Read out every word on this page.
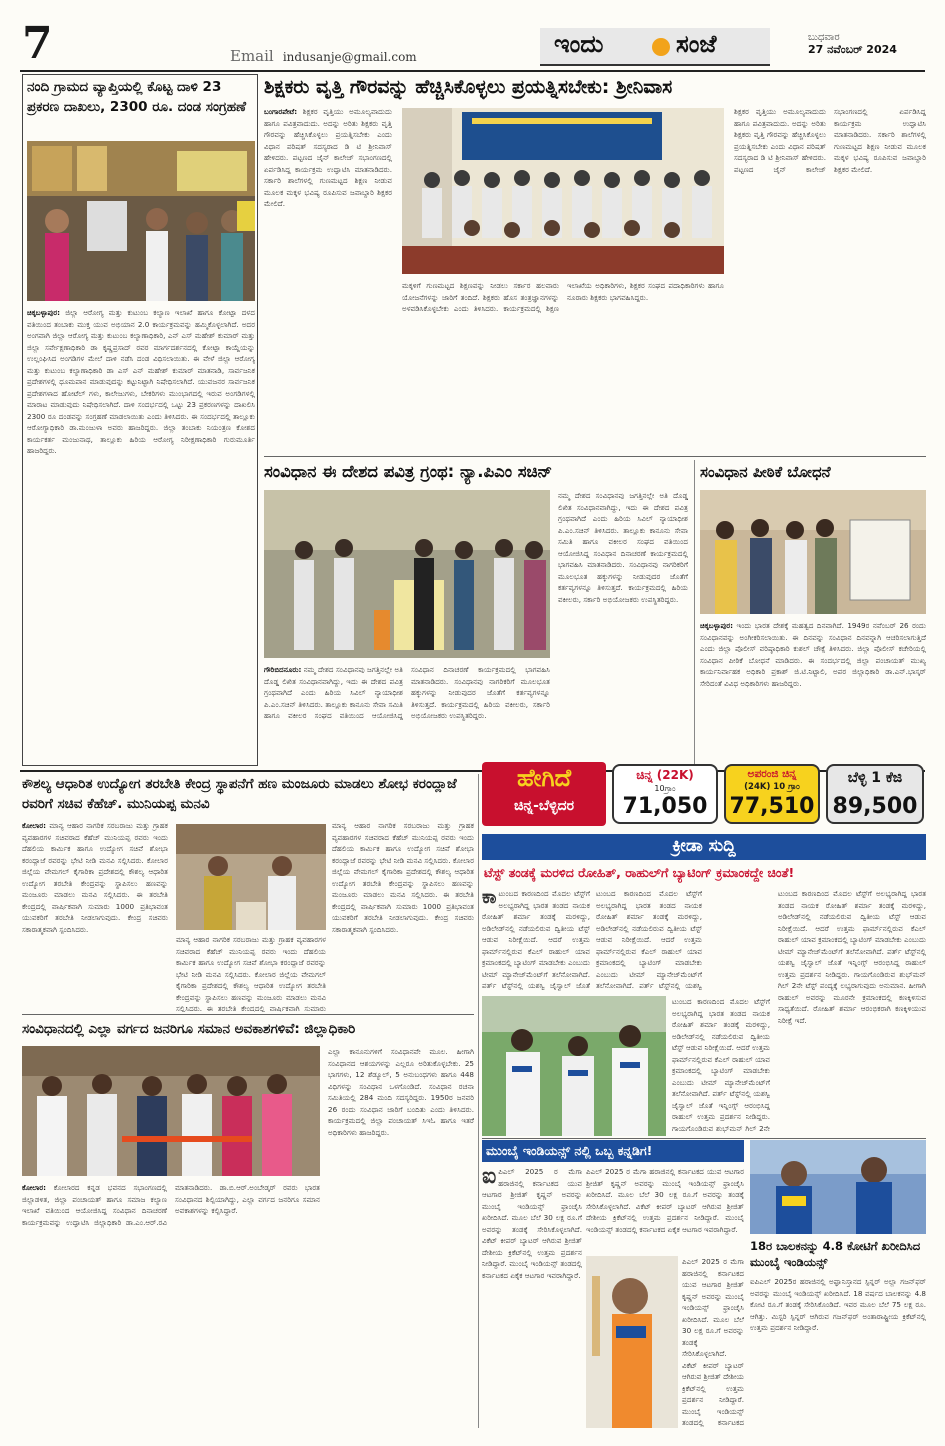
7	Email indusanje@gmail.com	ಇಂದು	ಸಂಜೆ	ಬುಧವಾರ
27 ನವೆಂಬರ್ 2024
ನಂದಿ ಗ್ರಾಮದ ವ್ಯಾಪ್ತಿಯಲ್ಲಿ ಕೊಟ್ಟ ದಾಳಿ 23 ಪ್ರಕರಣ ದಾಖಲು, 2300 ರೂ. ದಂಡ ಸಂಗ್ರಹಣೆ
ಚಿಕ್ಕಬಳ್ಳಾಪುರ: ಜಿಲ್ಲಾ ಆರೋಗ್ಯ ಮತ್ತು ಕುಟುಂಬ ಕಲ್ಯಾಣ ಇಲಾಖೆ ಹಾಗೂ ಕೋಟ್ಪಾ ದಳದ ವತಿಯಿಂದ ತಂಬಾಕು ಮುಕ್ತ ಯುವ ಅಭಿಯಾನ 2.0 ಕಾರ್ಯಕ್ರಮವನ್ನು ಹಮ್ಮಿಕೊಳ್ಳಲಾಗಿದೆ. ಅದರ ಅಂಗವಾಗಿ ಜಿಲ್ಲಾ ಆರೋಗ್ಯ ಮತ್ತು ಕುಟುಂಬ ಕಲ್ಯಾಣಾಧಿಕಾರಿ, ಎನ್ ಎಸ್ ಮಹೇಶ್ ಕುಮಾರ್ ಮತ್ತು ಜಿಲ್ಲಾ ಸರ್ವೇಕ್ಷಣಾಧಿಕಾರಿ ಡಾ ಕೃಷ್ಣಪ್ರಸಾದ್ ರವರ ಮಾರ್ಗದರ್ಶನದಲ್ಲಿ ಕೋಟ್ಪಾ ಕಾಯ್ದೆಯನ್ನು ಉಲ್ಲಂಘಿಸಿದ ಅಂಗಡಿಗಳ ಮೇಲೆ ದಾಳಿ ನಡೆಸಿ ದಂಡ ವಿಧಿಸಲಾಯಿತು. ಈ ವೇಳೆ ಜಿಲ್ಲಾ ಆರೋಗ್ಯ ಮತ್ತು ಕುಟುಂಬ ಕಲ್ಯಾಣಾಧಿಕಾರಿ ಡಾ ಎಸ್ ಎನ್ ಮಹೇಶ್ ಕುಮಾರ್ ಮಾತನಾಡಿ, ಸಾರ್ವಜನಿಕ ಪ್ರದೇಶಗಳಲ್ಲಿ ಧೂಮಪಾನ ಮಾಡುವುದನ್ನು ಕಟ್ಟುನಿಟ್ಟಾಗಿ ನಿಷೇಧಿಸಲಾಗಿದೆ. ಯುವಜನರ ಸಾರ್ವಜನಿಕ ಪ್ರದೇಶಗಳಾದ ಹೋಟೆಲ್ ಗಳು, ಕಾಲೇಜುಗಳು, ಬೇಕರಿಗಳು ಮುಂಭಾಗದಲ್ಲಿ ಇರುವ ಅಂಗಡಿಗಳಲ್ಲಿ ಮಾರಾಟ ಮಾಡುವುದು ನಿಷೇಧಿಸಲಾಗಿದೆ. ದಾಳಿ ಸಂದರ್ಭದಲ್ಲಿ ಒಟ್ಟು 23 ಪ್ರಕರಣಗಳನ್ನು ದಾಖಲಿಸಿ 2300 ರೂ ದಂಡವನ್ನು ಸಂಗ್ರಹಣೆ ಮಾಡಲಾಯಿತು ಎಂದು ತಿಳಿಸಿದರು. ಈ ಸಂದರ್ಭದಲ್ಲಿ ತಾಲ್ಲೂಕು ಆರೋಗ್ಯಾಧಿಕಾರಿ ಡಾ.ಮಂಜುಳಾ ಅವರು ಹಾಜರಿದ್ದರು. ಜಿಲ್ಲಾ ತಂಬಾಕು ನಿಯಂತ್ರಣ ಕೋಶದ ಕಾರ್ಯಕರ್ತ ಮಂಜುನಾಥ, ತಾಲ್ಲೂಕು ಹಿರಿಯ ಆರೋಗ್ಯ ನಿರೀಕ್ಷಣಾಧಿಕಾರಿ ಗುರುಮೂರ್ತಿ ಹಾಜರಿದ್ದರು.
ಶಿಕ್ಷಕರು ವೃತ್ತಿ ಗೌರವನ್ನು ಹೆಚ್ಚಿಸಿಕೊಳ್ಳಲು ಪ್ರಯತ್ನಿಸಬೇಕು: ಶ್ರೀನಿವಾಸ
ಬಂಗಾರಪೇಟೆ: ಶಿಕ್ಷಕರ ವೃತ್ತಿಯು ಅಮೂಲ್ಯವಾದುದು ಹಾಗೂ ಪವಿತ್ರವಾದುದು. ಅದನ್ನು ಅರಿತು ಶಿಕ್ಷಕರು ವೃತ್ತಿ ಗೌರವನ್ನು ಹೆಚ್ಚಿಸಿಕೊಳ್ಳಲು ಪ್ರಯತ್ನಿಸಬೇಕು ಎಂದು ವಿಧಾನ ಪರಿಷತ್ ಸದಸ್ಯರಾದ ಡಿ ಟಿ ಶ್ರೀನಿವಾಸ್ ಹೇಳಿದರು. ಪಟ್ಟಣದ ಜೈನ್ ಕಾಲೇಜ್ ಸಭಾಂಗಣದಲ್ಲಿ ಏರ್ಪಡಿಸಿದ್ದ ಕಾರ್ಯಕ್ರಮ ಉದ್ಘಾಟಿಸಿ ಮಾತನಾಡಿದರು. ಸರ್ಕಾರಿ ಶಾಲೆಗಳಲ್ಲಿ ಗುಣಮಟ್ಟದ ಶಿಕ್ಷಣ ನೀಡುವ ಮೂಲಕ ಮಕ್ಕಳ ಭವಿಷ್ಯ ರೂಪಿಸುವ ಜವಾಬ್ದಾರಿ ಶಿಕ್ಷಕರ ಮೇಲಿದೆ.
ಮಕ್ಕಳಿಗೆ ಗುಣಮಟ್ಟದ ಶಿಕ್ಷಣವನ್ನು ನೀಡಲು ಸರ್ಕಾರ ಹಲವಾರು ಯೋಜನೆಗಳನ್ನು ಜಾರಿಗೆ ತಂದಿದೆ. ಶಿಕ್ಷಕರು ಹೊಸ ತಂತ್ರಜ್ಞಾನಗಳನ್ನು ಅಳವಡಿಸಿಕೊಳ್ಳಬೇಕು ಎಂದು ತಿಳಿಸಿದರು. ಕಾರ್ಯಕ್ರಮದಲ್ಲಿ ಶಿಕ್ಷಣ ಇಲಾಖೆಯ ಅಧಿಕಾರಿಗಳು, ಶಿಕ್ಷಕರ ಸಂಘದ ಪದಾಧಿಕಾರಿಗಳು ಹಾಗೂ ನೂರಾರು ಶಿಕ್ಷಕರು ಭಾಗವಹಿಸಿದ್ದರು.
ಶಿಕ್ಷಕರ ವೃತ್ತಿಯು ಅಮೂಲ್ಯವಾದುದು ಹಾಗೂ ಪವಿತ್ರವಾದುದು. ಅದನ್ನು ಅರಿತು ಶಿಕ್ಷಕರು ವೃತ್ತಿ ಗೌರವನ್ನು ಹೆಚ್ಚಿಸಿಕೊಳ್ಳಲು ಪ್ರಯತ್ನಿಸಬೇಕು ಎಂದು ವಿಧಾನ ಪರಿಷತ್ ಸದಸ್ಯರಾದ ಡಿ ಟಿ ಶ್ರೀನಿವಾಸ್ ಹೇಳಿದರು. ಪಟ್ಟಣದ ಜೈನ್ ಕಾಲೇಜ್ ಸಭಾಂಗಣದಲ್ಲಿ ಏರ್ಪಡಿಸಿದ್ದ ಕಾರ್ಯಕ್ರಮ ಉದ್ಘಾಟಿಸಿ ಮಾತನಾಡಿದರು. ಸರ್ಕಾರಿ ಶಾಲೆಗಳಲ್ಲಿ ಗುಣಮಟ್ಟದ ಶಿಕ್ಷಣ ನೀಡುವ ಮೂಲಕ ಮಕ್ಕಳ ಭವಿಷ್ಯ ರೂಪಿಸುವ ಜವಾಬ್ದಾರಿ ಶಿಕ್ಷಕರ ಮೇಲಿದೆ.
ಸಂವಿಧಾನ ಈ ದೇಶದ ಪವಿತ್ರ ಗ್ರಂಥ: ನ್ಯಾ.ಪಿಎಂ ಸಚಿನ್
ಗೌರಿಬಿದನೂರು: ನಮ್ಮ ದೇಶದ ಸಂವಿಧಾನವು ಜಗತ್ತಿನಲ್ಲೇ ಅತಿ ದೊಡ್ಡ ಲಿಖಿತ ಸಂವಿಧಾನವಾಗಿದ್ದು, ಇದು ಈ ದೇಶದ ಪವಿತ್ರ ಗ್ರಂಥವಾಗಿದೆ ಎಂದು ಹಿರಿಯ ಸಿವಿಲ್ ನ್ಯಾಯಾಧೀಶ ಪಿ.ಎಂ.ಸಚಿನ್ ತಿಳಿಸಿದರು. ತಾಲ್ಲೂಕು ಕಾನೂನು ಸೇವಾ ಸಮಿತಿ ಹಾಗೂ ವಕೀಲರ ಸಂಘದ ವತಿಯಿಂದ ಆಯೋಜಿಸಿದ್ದ ಸಂವಿಧಾನ ದಿನಾಚರಣೆ ಕಾರ್ಯಕ್ರಮದಲ್ಲಿ ಭಾಗವಹಿಸಿ ಮಾತನಾಡಿದರು. ಸಂವಿಧಾನವು ನಾಗರಿಕರಿಗೆ ಮೂಲಭೂತ ಹಕ್ಕುಗಳನ್ನು ನೀಡುವುದರ ಜೊತೆಗೆ ಕರ್ತವ್ಯಗಳನ್ನೂ ತಿಳಿಸುತ್ತದೆ. ಕಾರ್ಯಕ್ರಮದಲ್ಲಿ ಹಿರಿಯ ವಕೀಲರು, ಸರ್ಕಾರಿ ಅಭಿಯೋಜಕರು ಉಪಸ್ಥಿತರಿದ್ದರು.
ನಮ್ಮ ದೇಶದ ಸಂವಿಧಾನವು ಜಗತ್ತಿನಲ್ಲೇ ಅತಿ ದೊಡ್ಡ ಲಿಖಿತ ಸಂವಿಧಾನವಾಗಿದ್ದು, ಇದು ಈ ದೇಶದ ಪವಿತ್ರ ಗ್ರಂಥವಾಗಿದೆ ಎಂದು ಹಿರಿಯ ಸಿವಿಲ್ ನ್ಯಾಯಾಧೀಶ ಪಿ.ಎಂ.ಸಚಿನ್ ತಿಳಿಸಿದರು. ತಾಲ್ಲೂಕು ಕಾನೂನು ಸೇವಾ ಸಮಿತಿ ಹಾಗೂ ವಕೀಲರ ಸಂಘದ ವತಿಯಿಂದ ಆಯೋಜಿಸಿದ್ದ ಸಂವಿಧಾನ ದಿನಾಚರಣೆ ಕಾರ್ಯಕ್ರಮದಲ್ಲಿ ಭಾಗವಹಿಸಿ ಮಾತನಾಡಿದರು. ಸಂವಿಧಾನವು ನಾಗರಿಕರಿಗೆ ಮೂಲಭೂತ ಹಕ್ಕುಗಳನ್ನು ನೀಡುವುದರ ಜೊತೆಗೆ ಕರ್ತವ್ಯಗಳನ್ನೂ ತಿಳಿಸುತ್ತದೆ. ಕಾರ್ಯಕ್ರಮದಲ್ಲಿ ಹಿರಿಯ ವಕೀಲರು, ಸರ್ಕಾರಿ ಅಭಿಯೋಜಕರು ಉಪಸ್ಥಿತರಿದ್ದರು.
ಸಂವಿಧಾನ ಪೀಠಿಕೆ ಬೋಧನೆ
ಚಿಕ್ಕಬಳ್ಳಾಪುರ: ಇಂದು ಭಾರತ ದೇಶಕ್ಕೆ ಮಹತ್ವದ ದಿನವಾಗಿದೆ. 1949ರ ನವೆಂಬರ್ 26 ರಂದು ಸಂವಿಧಾನವನ್ನು ಅಂಗೀಕರಿಸಲಾಯಿತು. ಈ ದಿನವನ್ನು ಸಂವಿಧಾನ ದಿನವನ್ನಾಗಿ ಆಚರಿಸಲಾಗುತ್ತಿದೆ ಎಂದು ಜಿಲ್ಲಾ ಪೊಲೀಸ್ ವರಿಷ್ಠಾಧಿಕಾರಿ ಕುಶಲ್ ಚೌಕ್ಸೆ ತಿಳಿಸಿದರು. ಜಿಲ್ಲಾ ಪೊಲೀಸ್ ಕಚೇರಿಯಲ್ಲಿ ಸಂವಿಧಾನ ಪೀಠಿಕೆ ಬೋಧನೆ ಮಾಡಿದರು. ಈ ಸಂದರ್ಭದಲ್ಲಿ ಜಿಲ್ಲಾ ಪಂಚಾಯತ್ ಮುಖ್ಯ ಕಾರ್ಯನಿರ್ವಾಹಕ ಅಧಿಕಾರಿ ಪ್ರಕಾಶ್ ಜಿ.ಟಿ.ನಿಟ್ಟಾಲಿ, ಅಪರ ಜಿಲ್ಲಾಧಿಕಾರಿ ಡಾ.ಎನ್.ಭಾಸ್ಕರ್ ಸೇರಿದಂತೆ ವಿವಿಧ ಅಧಿಕಾರಿಗಳು ಹಾಜರಿದ್ದರು.
ಕೌಶಲ್ಯ ಆಧಾರಿತ ಉದ್ಯೋಗ ತರಬೇತಿ ಕೇಂದ್ರ ಸ್ಥಾಪನೆಗೆ ಹಣ ಮಂಜೂರು ಮಾಡಲು ಶೋಭ ಕರಂದ್ಲಾಜೆ ರವರಿಗೆ ಸಚಿವ ಕೆಹೆಚ್. ಮುನಿಯಪ್ಪ ಮನವಿ
ಕೋಲಾರ: ಮಾನ್ಯ ಆಹಾರ ನಾಗರಿಕ ಸರಬರಾಜು ಮತ್ತು ಗ್ರಾಹಕ ವ್ಯವಹಾರಗಳ ಸಚಿವರಾದ ಕೆಹೆಚ್ ಮುನಿಯಪ್ಪ ರವರು ಇಂದು ದೆಹಲಿಯ ಕಾರ್ಮಿಕ ಹಾಗೂ ಉದ್ಯೋಗ ಸಚಿವೆ ಶೋಭಾ ಕರಂದ್ಲಾಜೆ ರವರನ್ನು ಭೇಟಿ ನೀಡಿ ಮನವಿ ಸಲ್ಲಿಸಿದರು. ಕೋಲಾರ ಜಿಲ್ಲೆಯ ವೇಮಗಲ್ ಕೈಗಾರಿಕಾ ಪ್ರದೇಶದಲ್ಲಿ ಕೌಶಲ್ಯ ಆಧಾರಿತ ಉದ್ಯೋಗ ತರಬೇತಿ ಕೇಂದ್ರವನ್ನು ಸ್ಥಾಪಿಸಲು ಹಣವನ್ನು ಮಂಜೂರು ಮಾಡಲು ಮನವಿ ಸಲ್ಲಿಸಿದರು. ಈ ತರಬೇತಿ ಕೇಂದ್ರದಲ್ಲಿ ವಾರ್ಷಿಕವಾಗಿ ಸುಮಾರು 1000 ಪ್ರತಿಭಾವಂತ ಯುವಕರಿಗೆ ತರಬೇತಿ ನೀಡಲಾಗುವುದು. ಕೇಂದ್ರ ಸಚಿವರು ಸಕಾರಾತ್ಮಕವಾಗಿ ಸ್ಪಂದಿಸಿದರು.
ಮಾನ್ಯ ಆಹಾರ ನಾಗರಿಕ ಸರಬರಾಜು ಮತ್ತು ಗ್ರಾಹಕ ವ್ಯವಹಾರಗಳ ಸಚಿವರಾದ ಕೆಹೆಚ್ ಮುನಿಯಪ್ಪ ರವರು ಇಂದು ದೆಹಲಿಯ ಕಾರ್ಮಿಕ ಹಾಗೂ ಉದ್ಯೋಗ ಸಚಿವೆ ಶೋಭಾ ಕರಂದ್ಲಾಜೆ ರವರನ್ನು ಭೇಟಿ ನೀಡಿ ಮನವಿ ಸಲ್ಲಿಸಿದರು. ಕೋಲಾರ ಜಿಲ್ಲೆಯ ವೇಮಗಲ್ ಕೈಗಾರಿಕಾ ಪ್ರದೇಶದಲ್ಲಿ ಕೌಶಲ್ಯ ಆಧಾರಿತ ಉದ್ಯೋಗ ತರಬೇತಿ ಕೇಂದ್ರವನ್ನು ಸ್ಥಾಪಿಸಲು ಹಣವನ್ನು ಮಂಜೂರು ಮಾಡಲು ಮನವಿ ಸಲ್ಲಿಸಿದರು. ಈ ತರಬೇತಿ ಕೇಂದ್ರದಲ್ಲಿ ವಾರ್ಷಿಕವಾಗಿ ಸುಮಾರು
ಮಾನ್ಯ ಆಹಾರ ನಾಗರಿಕ ಸರಬರಾಜು ಮತ್ತು ಗ್ರಾಹಕ ವ್ಯವಹಾರಗಳ ಸಚಿವರಾದ ಕೆಹೆಚ್ ಮುನಿಯಪ್ಪ ರವರು ಇಂದು ದೆಹಲಿಯ ಕಾರ್ಮಿಕ ಹಾಗೂ ಉದ್ಯೋಗ ಸಚಿವೆ ಶೋಭಾ ಕರಂದ್ಲಾಜೆ ರವರನ್ನು ಭೇಟಿ ನೀಡಿ ಮನವಿ ಸಲ್ಲಿಸಿದರು. ಕೋಲಾರ ಜಿಲ್ಲೆಯ ವೇಮಗಲ್ ಕೈಗಾರಿಕಾ ಪ್ರದೇಶದಲ್ಲಿ ಕೌಶಲ್ಯ ಆಧಾರಿತ ಉದ್ಯೋಗ ತರಬೇತಿ ಕೇಂದ್ರವನ್ನು ಸ್ಥಾಪಿಸಲು ಹಣವನ್ನು ಮಂಜೂರು ಮಾಡಲು ಮನವಿ ಸಲ್ಲಿಸಿದರು. ಈ ತರಬೇತಿ ಕೇಂದ್ರದಲ್ಲಿ ವಾರ್ಷಿಕವಾಗಿ ಸುಮಾರು 1000 ಪ್ರತಿಭಾವಂತ ಯುವಕರಿಗೆ ತರಬೇತಿ ನೀಡಲಾಗುವುದು. ಕೇಂದ್ರ ಸಚಿವರು ಸಕಾರಾತ್ಮಕವಾಗಿ ಸ್ಪಂದಿಸಿದರು.
ಸಂವಿಧಾನದಲ್ಲಿ ಎಲ್ಲಾ ವರ್ಗದ ಜನರಿಗೂ ಸಮಾನ ಅವಕಾಶಗಳಿವೆ: ಜಿಲ್ಲಾಧಿಕಾರಿ
ಕೋಲಾರ: ಕೋಲಾರದ ಕನ್ನಡ ಭವನದ ಸಭಾಂಗಣದಲ್ಲಿ ಜಿಲ್ಲಾಡಳಿತ, ಜಿಲ್ಲಾ ಪಂಚಾಯತ್ ಹಾಗೂ ಸಮಾಜ ಕಲ್ಯಾಣ ಇಲಾಖೆ ವತಿಯಿಂದ ಆಯೋಜಿಸಿದ್ದ ಸಂವಿಧಾನ ದಿನಾಚರಣೆ ಕಾರ್ಯಕ್ರಮವನ್ನು ಉದ್ಘಾಟಿಸಿ ಜಿಲ್ಲಾಧಿಕಾರಿ ಡಾ.ಎಂ.ಆರ್.ರವಿ ಮಾತನಾಡಿದರು. ಡಾ.ಬಿ.ಆರ್.ಅಂಬೇಡ್ಕರ್ ರವರು ಭಾರತ ಸಂವಿಧಾನದ ಶಿಲ್ಪಿಯಾಗಿದ್ದು, ಎಲ್ಲಾ ವರ್ಗದ ಜನರಿಗೂ ಸಮಾನ ಅವಕಾಶಗಳನ್ನು ಕಲ್ಪಿಸಿದ್ದಾರೆ.
ಎಲ್ಲಾ ಕಾನೂನುಗಳಿಗೆ ಸಂವಿಧಾನವೇ ಮೂಲ. ಹೀಗಾಗಿ ಸಂವಿಧಾನದ ಆಶಯಗಳನ್ನು ಎಲ್ಲರೂ ಅರಿತುಕೊಳ್ಳಬೇಕು. 25 ಭಾಗಗಳು, 12 ಶೆಡ್ಯೂಲ್, 5 ಅನುಬಂಧಗಳು ಹಾಗೂ 448 ವಿಧಿಗಳನ್ನು ಸಂವಿಧಾನ ಒಳಗೊಂಡಿದೆ. ಸಂವಿಧಾನ ರಚನಾ ಸಮಿತಿಯಲ್ಲಿ 284 ಮಂದಿ ಸದಸ್ಯರಿದ್ದರು. 1950ರ ಜನವರಿ 26 ರಂದು ಸಂವಿಧಾನ ಜಾರಿಗೆ ಬಂದಿತು ಎಂದು ತಿಳಿಸಿದರು. ಕಾರ್ಯಕ್ರಮದಲ್ಲಿ ಜಿಲ್ಲಾ ಪಂಚಾಯತ್ ಸಿಇಓ ಹಾಗೂ ಇತರೆ ಅಧಿಕಾರಿಗಳು ಹಾಜರಿದ್ದರು.
ಹೇಗಿದೆ
ಚಿನ್ನ-ಬೆಳ್ಳಿದರ
ಚಿನ್ನ (22K)
10ಗ್ರಾಂ
71,050
ಅಪರಂಜಿ ಚಿನ್ನ
(24K) 10 ಗ್ರಾಂ
77,510
ಬೆಳ್ಳಿ 1 ಕೆಜಿ
89,500
ಕ್ರೀಡಾ ಸುದ್ದಿ
ಟೆಸ್ಟ್ ತಂಡಕ್ಕೆ ಮರಳಿದ ರೋಹಿತ್, ರಾಹುಲ್‌ಗೆ ಬ್ಯಾಟಿಂಗ್ ಕ್ರಮಾಂಕದ್ದೇ ಚಿಂತೆ!
ಕಾ ಟುಂಬದ ಕಾರಣದಿಂದ ಮೊದಲ ಟೆಸ್ಟ್‌ಗೆ ಅಲಭ್ಯರಾಗಿದ್ದ ಭಾರತ ತಂಡದ ನಾಯಕ ರೋಹಿತ್ ಶರ್ಮಾ ತಂಡಕ್ಕೆ ಮರಳಿದ್ದು, ಅಡಿಲೇಡ್‌ನಲ್ಲಿ ನಡೆಯಲಿರುವ ದ್ವಿತೀಯ ಟೆಸ್ಟ್ ಆಡುವ ನಿರೀಕ್ಷೆಯಿದೆ. ಆದರೆ ಉತ್ತಮ ಫಾರ್ಮ್‌ನಲ್ಲಿರುವ ಕೆಎಲ್ ರಾಹುಲ್ ಯಾವ ಕ್ರಮಾಂಕದಲ್ಲಿ ಬ್ಯಾಟಿಂಗ್ ಮಾಡಬೇಕು ಎಂಬುದು ಟೀಮ್ ಮ್ಯಾನೇಜ್‌ಮೆಂಟ್‌ಗೆ ತಲೆನೋವಾಗಿದೆ. ಪರ್ತ್ ಟೆಸ್ಟ್‌ನಲ್ಲಿ ಯಶಸ್ವಿ ಜೈಸ್ವಾಲ್ ಜೊತೆ
ಟುಂಬದ ಕಾರಣದಿಂದ ಮೊದಲ ಟೆಸ್ಟ್‌ಗೆ ಅಲಭ್ಯರಾಗಿದ್ದ ಭಾರತ ತಂಡದ ನಾಯಕ ರೋಹಿತ್ ಶರ್ಮಾ ತಂಡಕ್ಕೆ ಮರಳಿದ್ದು, ಅಡಿಲೇಡ್‌ನಲ್ಲಿ ನಡೆಯಲಿರುವ ದ್ವಿತೀಯ ಟೆಸ್ಟ್ ಆಡುವ ನಿರೀಕ್ಷೆಯಿದೆ. ಆದರೆ ಉತ್ತಮ ಫಾರ್ಮ್‌ನಲ್ಲಿರುವ ಕೆಎಲ್ ರಾಹುಲ್ ಯಾವ ಕ್ರಮಾಂಕದಲ್ಲಿ ಬ್ಯಾಟಿಂಗ್ ಮಾಡಬೇಕು ಎಂಬುದು ಟೀಮ್ ಮ್ಯಾನೇಜ್‌ಮೆಂಟ್‌ಗೆ ತಲೆನೋವಾಗಿದೆ. ಪರ್ತ್ ಟೆಸ್ಟ್‌ನಲ್ಲಿ ಯಶಸ್ವಿ
ಟುಂಬದ ಕಾರಣದಿಂದ ಮೊದಲ ಟೆಸ್ಟ್‌ಗೆ ಅಲಭ್ಯರಾಗಿದ್ದ ಭಾರತ ತಂಡದ ನಾಯಕ ರೋಹಿತ್ ಶರ್ಮಾ ತಂಡಕ್ಕೆ ಮರಳಿದ್ದು, ಅಡಿಲೇಡ್‌ನಲ್ಲಿ ನಡೆಯಲಿರುವ ದ್ವಿತೀಯ ಟೆಸ್ಟ್ ಆಡುವ ನಿರೀಕ್ಷೆಯಿದೆ. ಆದರೆ ಉತ್ತಮ ಫಾರ್ಮ್‌ನಲ್ಲಿರುವ ಕೆಎಲ್ ರಾಹುಲ್ ಯಾವ ಕ್ರಮಾಂಕದಲ್ಲಿ ಬ್ಯಾಟಿಂಗ್ ಮಾಡಬೇಕು ಎಂಬುದು ಟೀಮ್ ಮ್ಯಾನೇಜ್‌ಮೆಂಟ್‌ಗೆ ತಲೆನೋವಾಗಿದೆ. ಪರ್ತ್ ಟೆಸ್ಟ್‌ನಲ್ಲಿ ಯಶಸ್ವಿ ಜೈಸ್ವಾಲ್ ಜೊತೆ ಇನ್ನಿಂಗ್ಸ್ ಆರಂಭಿಸಿದ್ದ ರಾಹುಲ್ ಉತ್ತಮ ಪ್ರದರ್ಶನ ನೀಡಿದ್ದರು. ಗಾಯಗೊಂಡಿರುವ ಶುಭ್‌ಮನ್ ಗಿಲ್ 2ನೇ
ಟುಂಬದ ಕಾರಣದಿಂದ ಮೊದಲ ಟೆಸ್ಟ್‌ಗೆ ಅಲಭ್ಯರಾಗಿದ್ದ ಭಾರತ ತಂಡದ ನಾಯಕ ರೋಹಿತ್ ಶರ್ಮಾ ತಂಡಕ್ಕೆ ಮರಳಿದ್ದು, ಅಡಿಲೇಡ್‌ನಲ್ಲಿ ನಡೆಯಲಿರುವ ದ್ವಿತೀಯ ಟೆಸ್ಟ್ ಆಡುವ ನಿರೀಕ್ಷೆಯಿದೆ. ಆದರೆ ಉತ್ತಮ ಫಾರ್ಮ್‌ನಲ್ಲಿರುವ ಕೆಎಲ್ ರಾಹುಲ್ ಯಾವ ಕ್ರಮಾಂಕದಲ್ಲಿ ಬ್ಯಾಟಿಂಗ್ ಮಾಡಬೇಕು ಎಂಬುದು ಟೀಮ್ ಮ್ಯಾನೇಜ್‌ಮೆಂಟ್‌ಗೆ ತಲೆನೋವಾಗಿದೆ. ಪರ್ತ್ ಟೆಸ್ಟ್‌ನಲ್ಲಿ ಯಶಸ್ವಿ ಜೈಸ್ವಾಲ್ ಜೊತೆ ಇನ್ನಿಂಗ್ಸ್ ಆರಂಭಿಸಿದ್ದ ರಾಹುಲ್ ಉತ್ತಮ ಪ್ರದರ್ಶನ ನೀಡಿದ್ದರು. ಗಾಯಗೊಂಡಿರುವ ಶುಭ್‌ಮನ್ ಗಿಲ್ 2ನೇ ಟೆಸ್ಟ್ ಪಂದ್ಯಕ್ಕೆ ಲಭ್ಯರಾಗುವುದು ಅನುಮಾನ. ಹೀಗಾಗಿ ರಾಹುಲ್ ಅವರನ್ನು ಮೂರನೇ ಕ್ರಮಾಂಕದಲ್ಲಿ ಕಣಕ್ಕಿಳಿಸುವ ಸಾಧ್ಯತೆಯಿದೆ. ರೋಹಿತ್ ಶರ್ಮಾ ಆರಂಭಿಕರಾಗಿ ಕಣಕ್ಕಿಳಿಯುವ ನಿರೀಕ್ಷೆ ಇದೆ.
ಮುಂಬೈ ಇಂಡಿಯನ್ಸ್ ನಲ್ಲಿ ಒಬ್ಬ ಕನ್ನಡಿಗ!
ಐ ಪಿಎಲ್ 2025 ರ ಮೆಗಾ ಹರಾಜಿನಲ್ಲಿ ಕರ್ನಾಟಕದ ಯುವ ಆಟಗಾರ ಶ್ರೀಜಿತ್ ಕೃಷ್ಣನ್ ಅವರನ್ನು ಮುಂಬೈ ಇಂಡಿಯನ್ಸ್ ಫ್ರಾಂಚೈಸಿ ಖರೀದಿಸಿದೆ. ಮೂಲ ಬೆಲೆ 30 ಲಕ್ಷ ರೂ.ಗೆ ಅವರನ್ನು ತಂಡಕ್ಕೆ ಸೇರಿಸಿಕೊಳ್ಳಲಾಗಿದೆ. ವಿಕೆಟ್ ಕೀಪರ್ ಬ್ಯಾಟರ್ ಆಗಿರುವ ಶ್ರೀಜಿತ್ ದೇಶೀಯ ಕ್ರಿಕೆಟ್‌ನಲ್ಲಿ ಉತ್ತಮ ಪ್ರದರ್ಶನ ನೀಡಿದ್ದಾರೆ. ಮುಂಬೈ ಇಂಡಿಯನ್ಸ್ ತಂಡದಲ್ಲಿ ಕರ್ನಾಟಕದ ಏಕೈಕ ಆಟಗಾರ ಇವರಾಗಿದ್ದಾರೆ.
ಪಿಎಲ್ 2025 ರ ಮೆಗಾ ಹರಾಜಿನಲ್ಲಿ ಕರ್ನಾಟಕದ ಯುವ ಆಟಗಾರ ಶ್ರೀಜಿತ್ ಕೃಷ್ಣನ್ ಅವರನ್ನು ಮುಂಬೈ ಇಂಡಿಯನ್ಸ್ ಫ್ರಾಂಚೈಸಿ ಖರೀದಿಸಿದೆ. ಮೂಲ ಬೆಲೆ 30 ಲಕ್ಷ ರೂ.ಗೆ ಅವರನ್ನು ತಂಡಕ್ಕೆ ಸೇರಿಸಿಕೊಳ್ಳಲಾಗಿದೆ. ವಿಕೆಟ್ ಕೀಪರ್ ಬ್ಯಾಟರ್ ಆಗಿರುವ ಶ್ರೀಜಿತ್ ದೇಶೀಯ ಕ್ರಿಕೆಟ್‌ನಲ್ಲಿ ಉತ್ತಮ ಪ್ರದರ್ಶನ ನೀಡಿದ್ದಾರೆ. ಮುಂಬೈ ಇಂಡಿಯನ್ಸ್ ತಂಡದಲ್ಲಿ ಕರ್ನಾಟಕದ ಏಕೈಕ ಆಟಗಾರ ಇವರಾಗಿದ್ದಾರೆ.
ಪಿಎಲ್ 2025 ರ ಮೆಗಾ ಹರಾಜಿನಲ್ಲಿ ಕರ್ನಾಟಕದ ಯುವ ಆಟಗಾರ ಶ್ರೀಜಿತ್ ಕೃಷ್ಣನ್ ಅವರನ್ನು ಮುಂಬೈ ಇಂಡಿಯನ್ಸ್ ಫ್ರಾಂಚೈಸಿ ಖರೀದಿಸಿದೆ. ಮೂಲ ಬೆಲೆ 30 ಲಕ್ಷ ರೂ.ಗೆ ಅವರನ್ನು ತಂಡಕ್ಕೆ ಸೇರಿಸಿಕೊಳ್ಳಲಾಗಿದೆ. ವಿಕೆಟ್ ಕೀಪರ್ ಬ್ಯಾಟರ್ ಆಗಿರುವ ಶ್ರೀಜಿತ್ ದೇಶೀಯ ಕ್ರಿಕೆಟ್‌ನಲ್ಲಿ ಉತ್ತಮ ಪ್ರದರ್ಶನ ನೀಡಿದ್ದಾರೆ. ಮುಂಬೈ ಇಂಡಿಯನ್ಸ್ ತಂಡದಲ್ಲಿ ಕರ್ನಾಟಕದ
18ರ ಬಾಲಕನನ್ನು 4.8 ಕೋಟಿಗೆ ಖರೀದಿಸಿದ ಮುಂಬೈ ಇಂಡಿಯನ್ಸ್
ಐಪಿಎಲ್ 2025ರ ಹರಾಜಿನಲ್ಲಿ ಅಫ್ಘಾನಿಸ್ತಾನದ ಸ್ಪಿನ್ನರ್ ಅಲ್ಲಾ ಗಜನ್‌ಫರ್ ಅವರನ್ನು ಮುಂಬೈ ಇಂಡಿಯನ್ಸ್ ಖರೀದಿಸಿದೆ. 18 ವರ್ಷದ ಬಾಲಕನನ್ನು 4.8 ಕೋಟಿ ರೂ.ಗೆ ತಂಡಕ್ಕೆ ಸೇರಿಸಿಕೊಂಡಿದೆ. ಇವರ ಮೂಲ ಬೆಲೆ 75 ಲಕ್ಷ ರೂ. ಆಗಿತ್ತು. ಮಿಸ್ಟರಿ ಸ್ಪಿನ್ನರ್ ಆಗಿರುವ ಗಜನ್‌ಫರ್ ಅಂತಾರಾಷ್ಟ್ರೀಯ ಕ್ರಿಕೆಟ್‌ನಲ್ಲಿ ಉತ್ತಮ ಪ್ರದರ್ಶನ ನೀಡಿದ್ದಾರೆ.
